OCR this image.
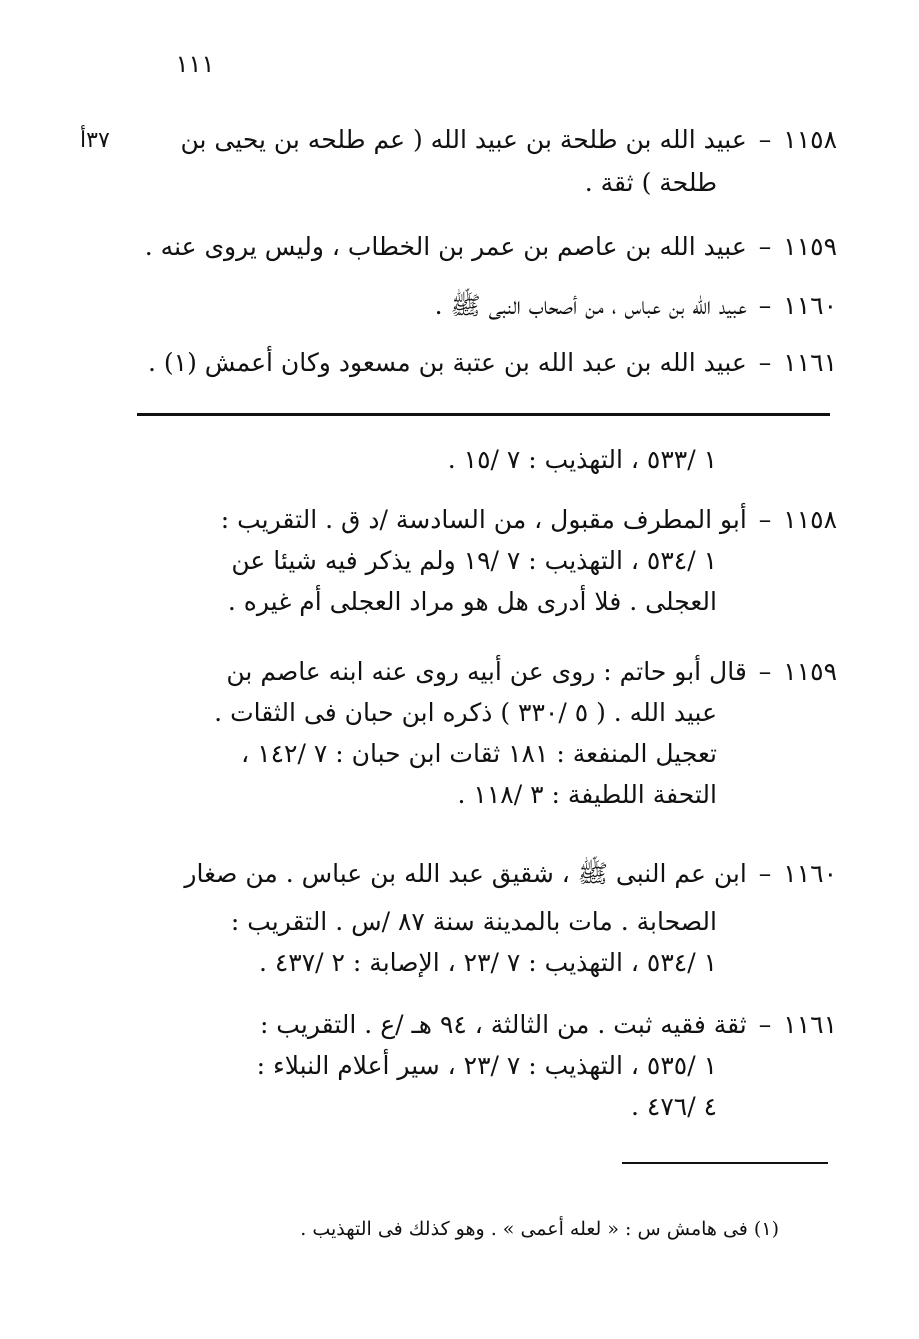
١١١
٣٧أ	١١٥٨–عبيد الله بن طلحة بن عبيد الله ( عم طلحه بن يحيى بن
طلحة ) ثقة .
١١٥٩–عبيد الله بن عاصم بن عمر بن الخطاب ، وليس يروى عنه .
١١٦٠–عبيد الله بن عباس ، من أصحاب النبى ﷺ .
١١٦١–عبيد الله بن عبد الله بن عتبة بن مسعود وكان أعمش (١) .
١ /٥٣٣ ، التهذيب : ٧ /١٥ .
١١٥٨–أبو المطرف مقبول ، من السادسة /د ق . التقريب :
١ /٥٣٤ ، التهذيب : ٧ /١٩ ولم يذكر فيه شيئا عن
العجلى . فلا أدرى هل هو مراد العجلى أم غيره .
١١٥٩–قال أبو حاتم : روى عن أبيه روى عنه ابنه عاصم بن
عبيد الله . ( ٥ /٣٣٠ ) ذكره ابن حبان فى الثقات .
تعجيل المنفعة : ١٨١ ثقات ابن حبان : ٧ /١٤٢ ،
التحفة اللطيفة : ٣ /١١٨ .
١١٦٠–ابن عم النبى ﷺ ، شقيق عبد الله بن عباس . من صغار
الصحابة . مات بالمدينة سنة ٨٧ /س . التقريب :
١ /٥٣٤ ، التهذيب : ٧ /٢٣ ، الإصابة : ٢ /٤٣٧ .
١١٦١–ثقة فقيه ثبت . من الثالثة ، ٩٤ هـ /ع . التقريب :
١ /٥٣٥ ، التهذيب : ٧ /٢٣ ، سير أعلام النبلاء :
٤ /٤٧٦ .
(١) فى هامش س : « لعله أعمى » . وهو كذلك فى التهذيب .
